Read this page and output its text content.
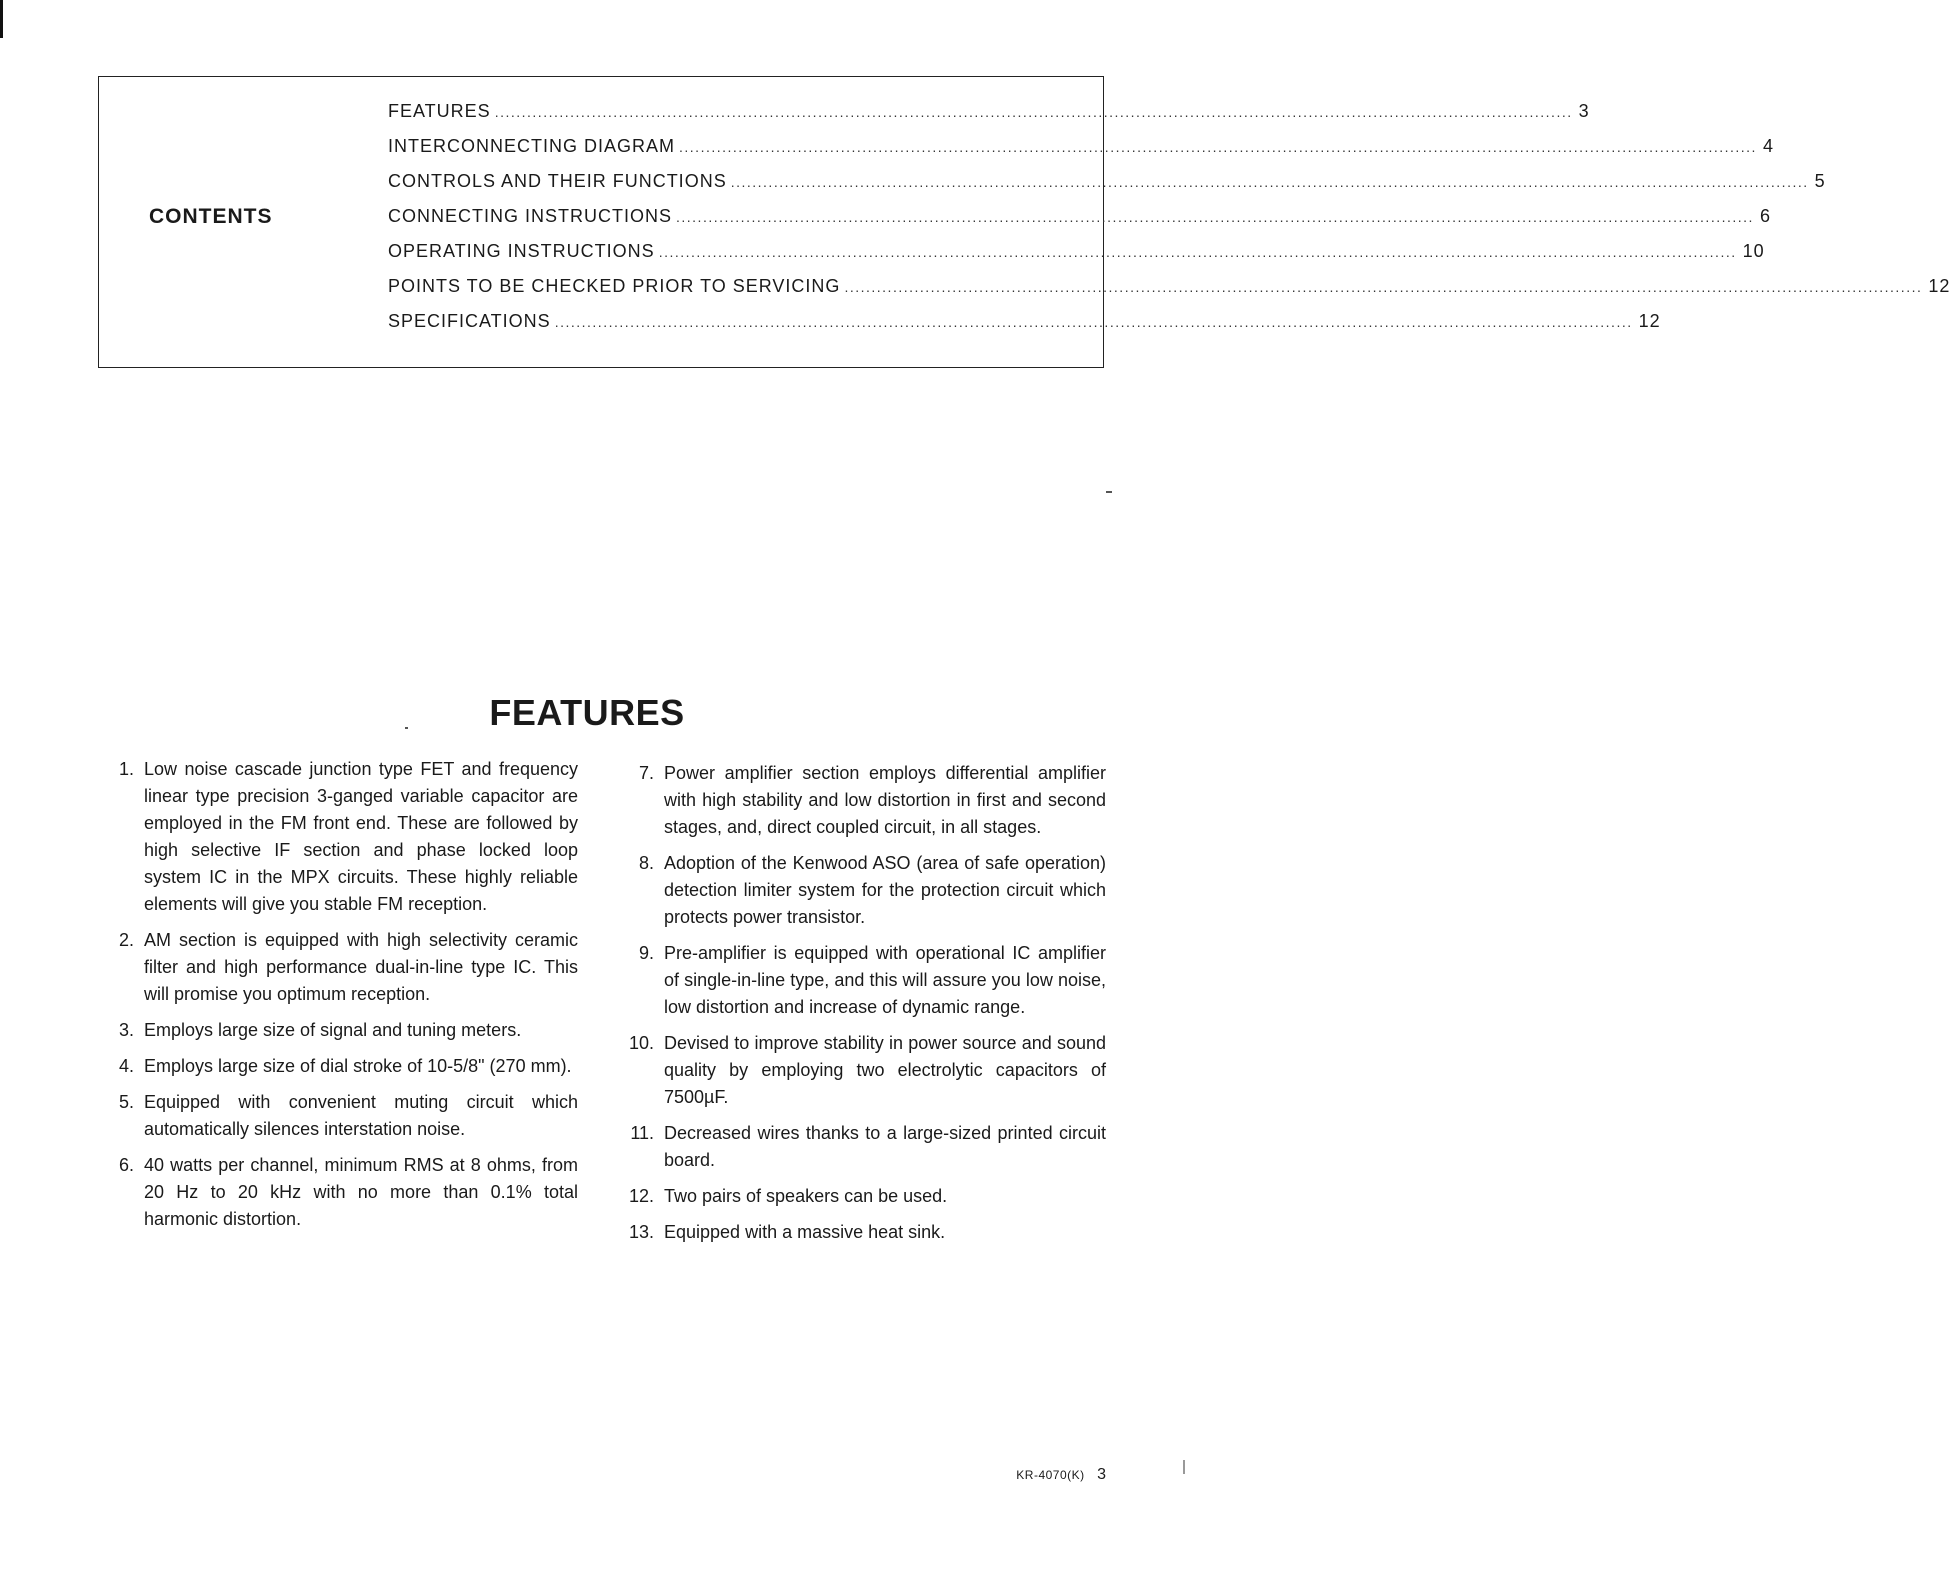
CONTENTS
FEATURES ........................................................................................................................................................................................................ 3
INTERCONNECTING DIAGRAM ........................................................................................................................................................................................................ 4
CONTROLS AND THEIR FUNCTIONS ........................................................................................................................................................................................................ 5
CONNECTING INSTRUCTIONS ........................................................................................................................................................................................................ 6
OPERATING INSTRUCTIONS ........................................................................................................................................................................................................ 10
POINTS TO BE CHECKED PRIOR TO SERVICING ........................................................................................................................................................................................................ 12
SPECIFICATIONS ........................................................................................................................................................................................................ 12
FEATURES
1. Low noise cascade junction type FET and frequency linear type precision 3-ganged variable capacitor are employed in the FM front end. These are followed by high selective IF section and phase locked loop system IC in the MPX circuits. These highly reliable elements will give you stable FM reception.
2. AM section is equipped with high selectivity ceramic filter and high performance dual-in-line type IC. This will promise you optimum reception.
3. Employs large size of signal and tuning meters.
4. Employs large size of dial stroke of 10-5/8" (270 mm).
5. Equipped with convenient muting circuit which automatically silences interstation noise.
6. 40 watts per channel, minimum RMS at 8 ohms, from 20 Hz to 20 kHz with no more than 0.1% total harmonic distortion.
7. Power amplifier section employs differential amplifier with high stability and low distortion in first and second stages, and, direct coupled circuit, in all stages.
8. Adoption of the Kenwood ASO (area of safe operation) detection limiter system for the protection circuit which protects power transistor.
9. Pre-amplifier is equipped with operational IC amplifier of single-in-line type, and this will assure you low noise, low distortion and increase of dynamic range.
10. Devised to improve stability in power source and sound quality by employing two electrolytic capacitors of 7500µF.
11. Decreased wires thanks to a large-sized printed circuit board.
12. Two pairs of speakers can be used.
13. Equipped with a massive heat sink.
KR-4070(K) 3
